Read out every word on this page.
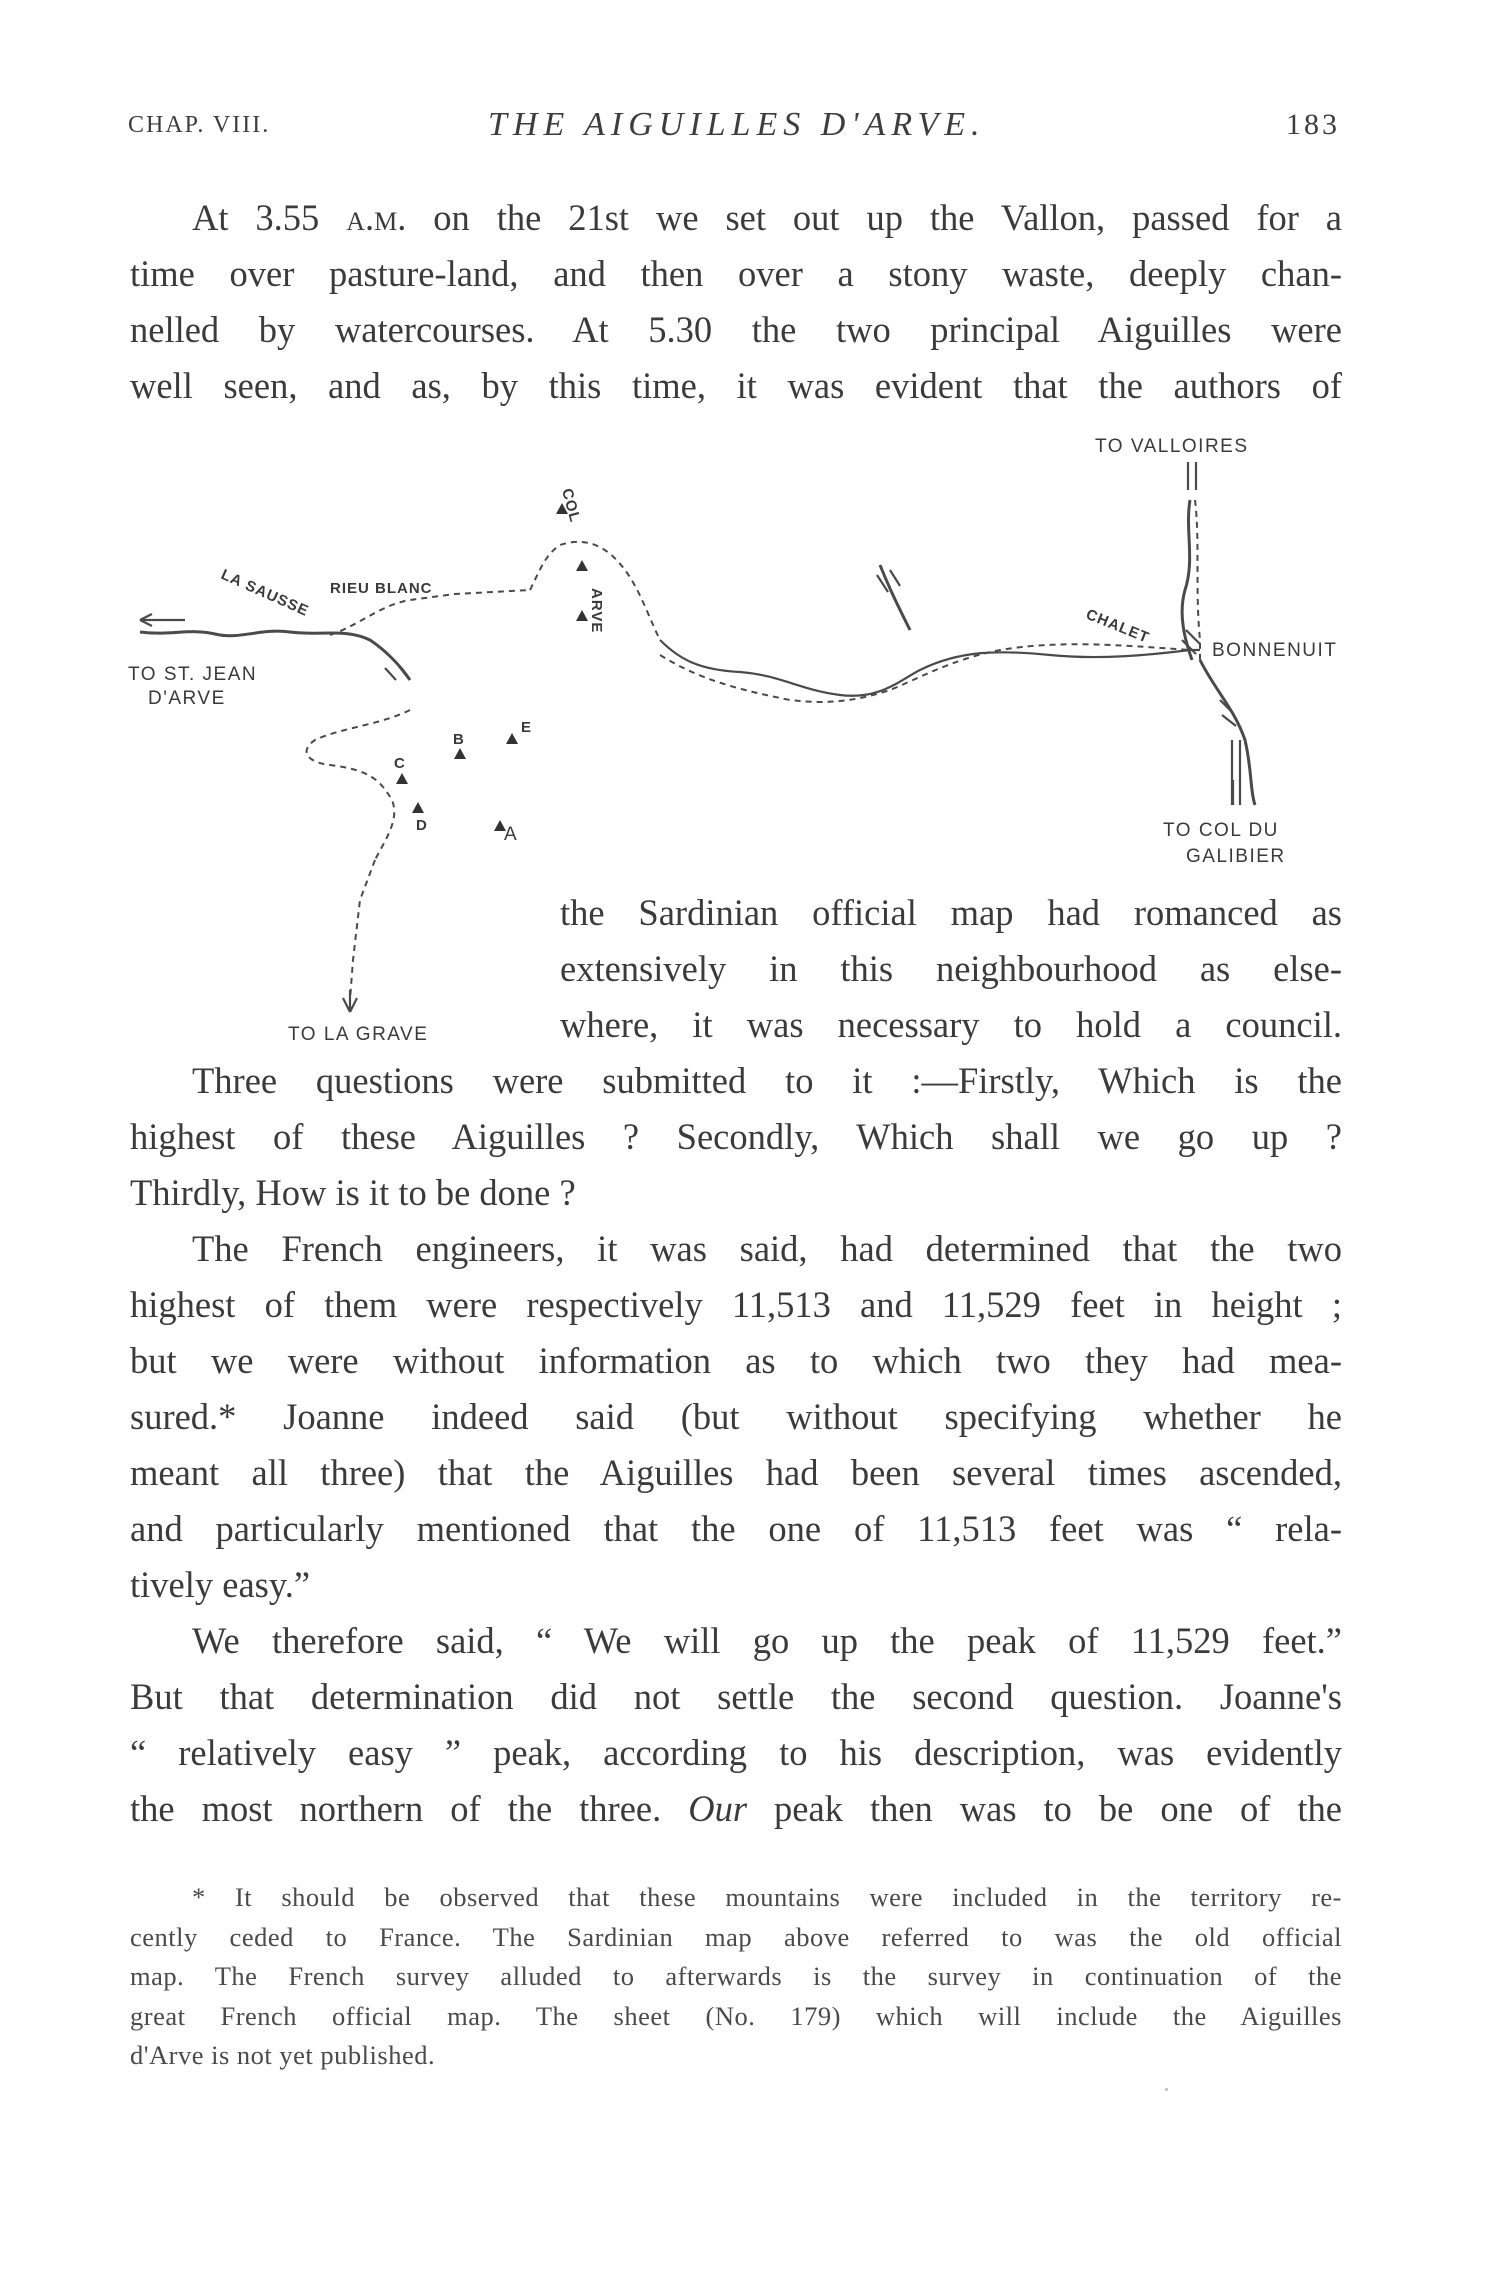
CHAP. VIII.	THE AIGUILLES D'ARVE.	183
At 3.55 a.m. on the 21st we set out up the Vallon, passed for a
time over pasture-land, and then over a stony waste, deeply chan-
nelled by watercourses. At 5.30 the two principal Aiguilles were
well seen, and as, by this time, it was evident that the authors of
TO VALLOIRES
BONNENUIT
TO COL DU
GALIBIER
CHALET
RIEU BLANC
LA SAUSSE
TO ST. JEAN
D'ARVE
TO LA GRAVE
COL
ARVE
C
B
E
D	A
the Sardinian official map had romanced as
extensively in this neighbourhood as else-
where, it was necessary to hold a council.
Three questions were submitted to it :—Firstly, Which is the
highest of these Aiguilles ? Secondly, Which shall we go up ?
Thirdly, How is it to be done ?
The French engineers, it was said, had determined that the two
highest of them were respectively 11,513 and 11,529 feet in height ;
but we were without information as to which two they had mea-
sured.* Joanne indeed said (but without specifying whether he
meant all three) that the Aiguilles had been several times ascended,
and particularly mentioned that the one of 11,513 feet was “ rela-
tively easy.”
We therefore said, “ We will go up the peak of 11,529 feet.”
But that determination did not settle the second question. Joanne's
“ relatively easy ” peak, according to his description, was evidently
the most northern of the three. Our peak then was to be one of the
* It should be observed that these mountains were included in the territory re-
cently ceded to France. The Sardinian map above referred to was the old official
map. The French survey alluded to afterwards is the survey in continuation of the
great French official map. The sheet (No. 179) which will include the Aiguilles
d'Arve is not yet published.
